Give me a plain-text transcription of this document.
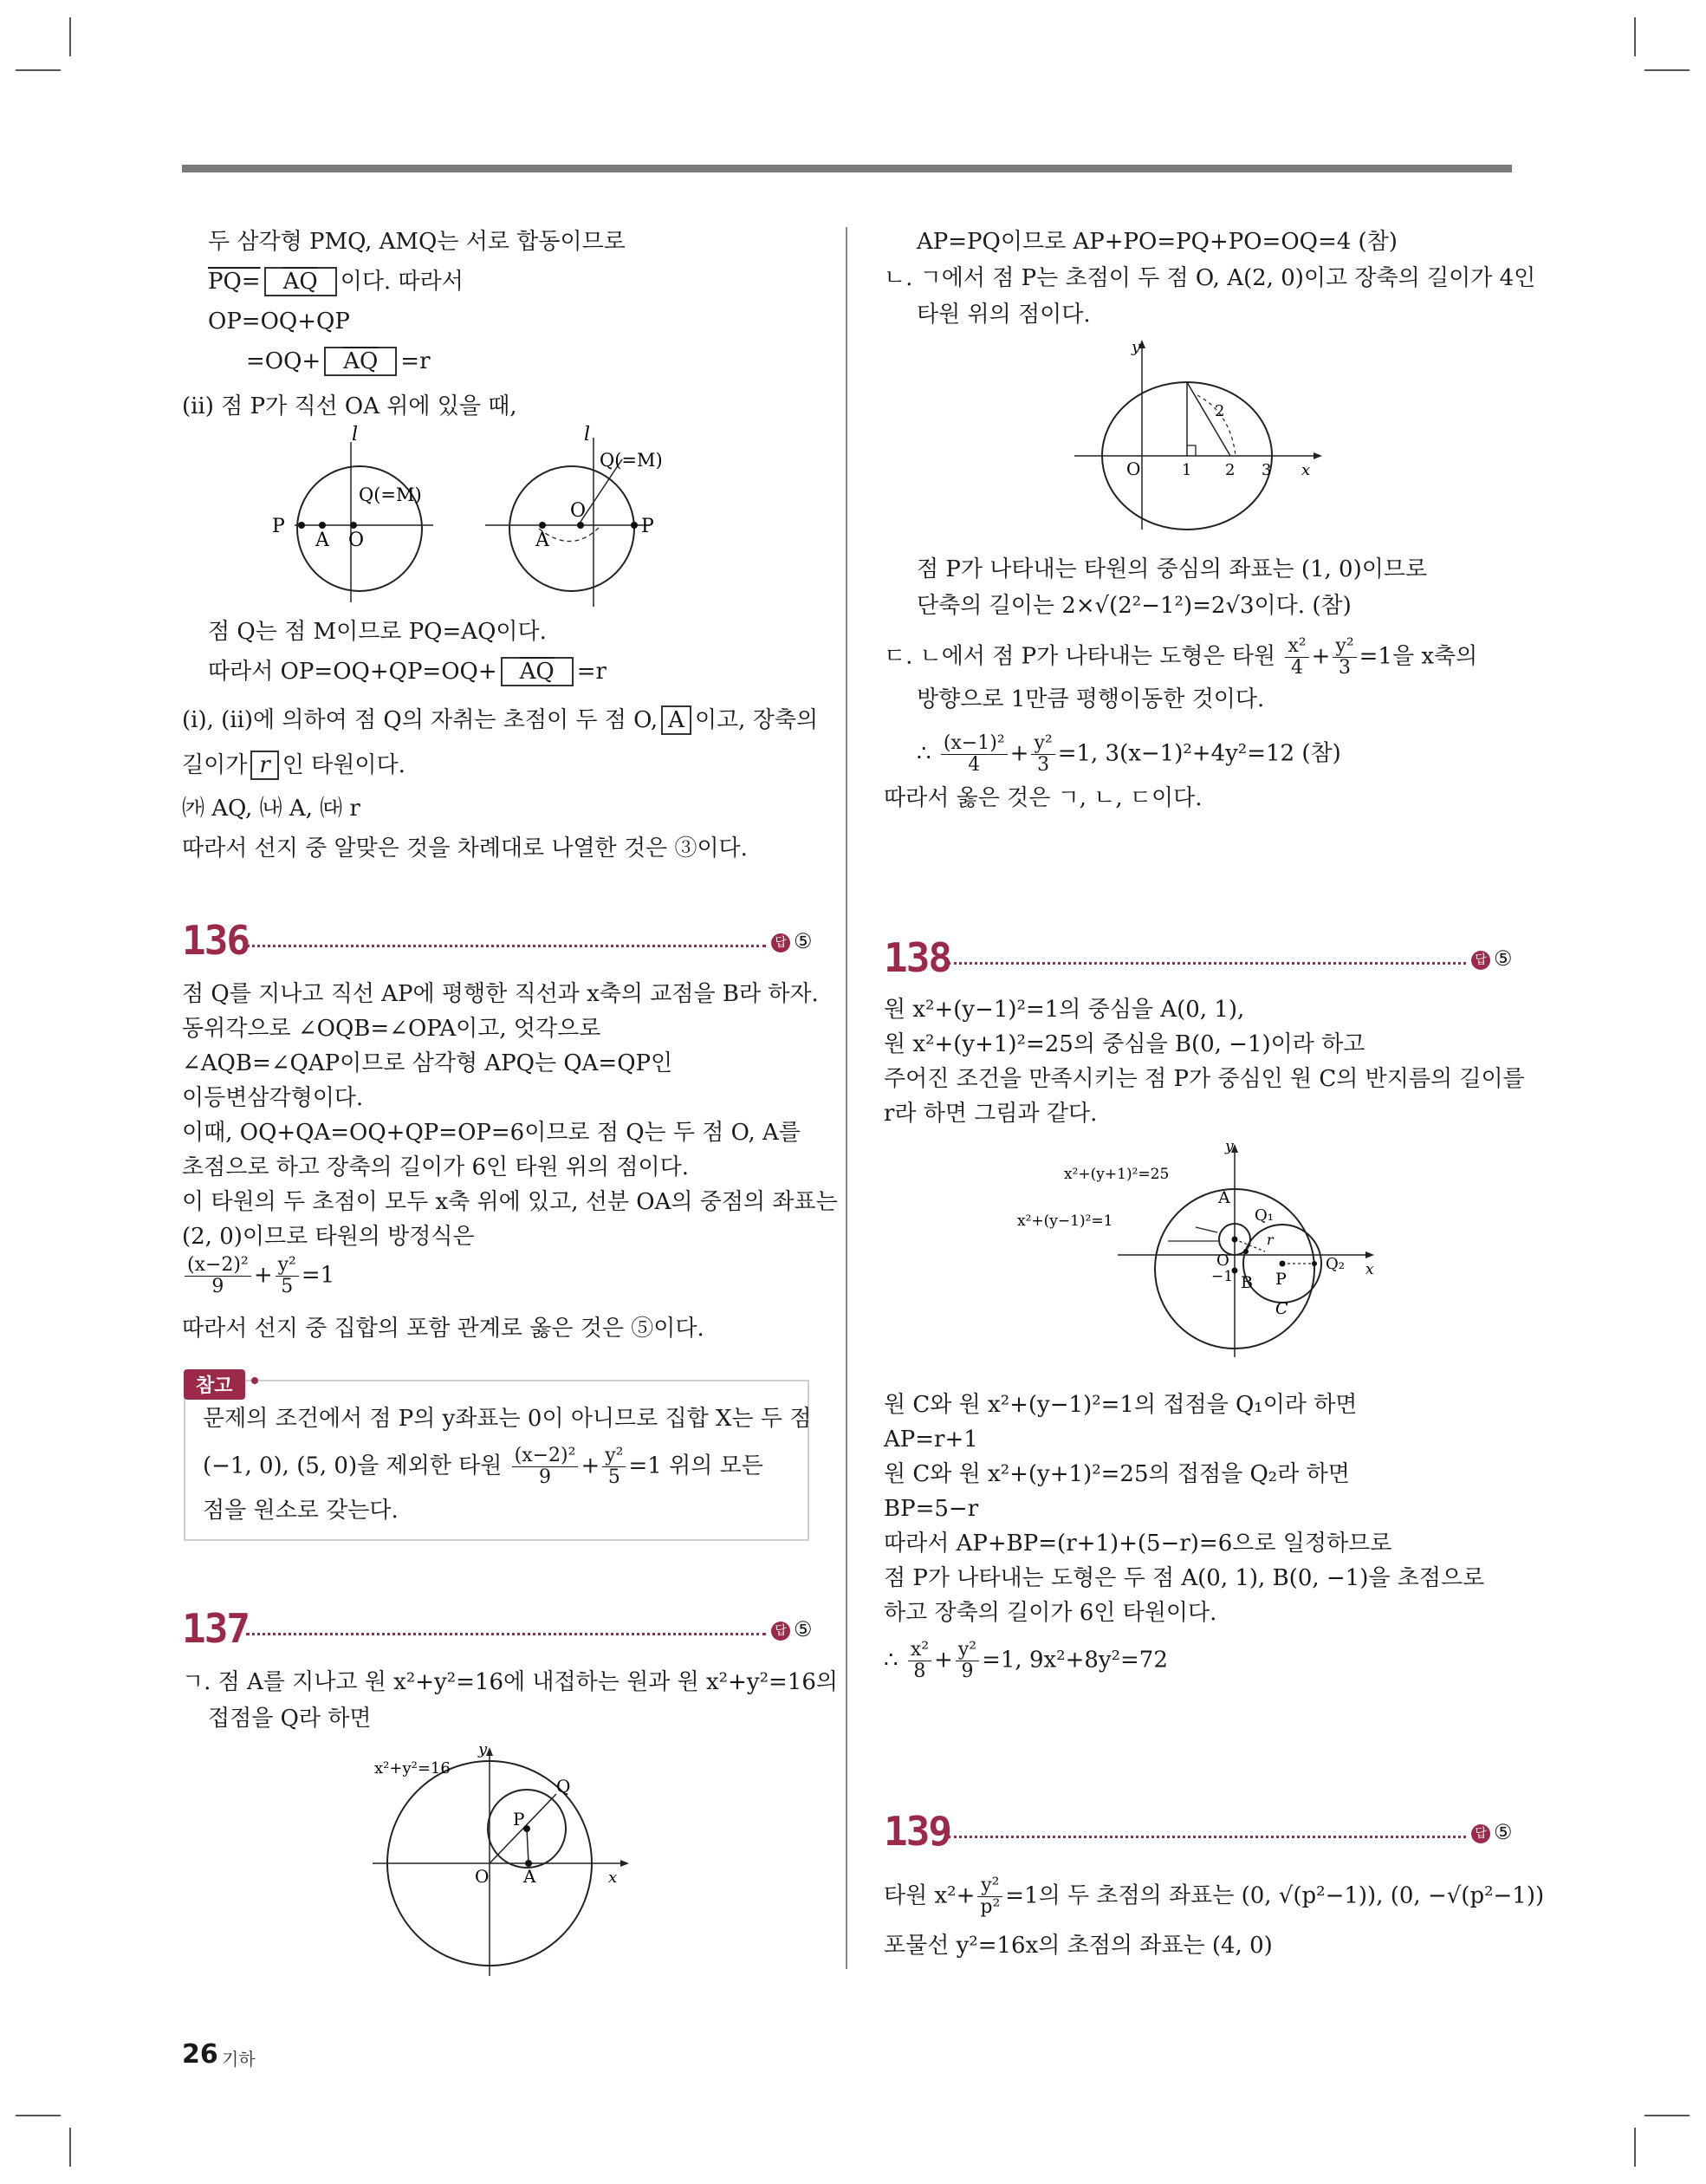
두 삼각형 PMQ, AMQ는 서로 합동이므로
$PQ= \overline{AQ}$ 이다. 따라서
OP=OQ+QP
$=OQ+ \overline{AQ} =r$
(ⅱ) 점 P가 직선 OA 위에 있을 때,
l
Q(=M)
P
A O
l
Q(=M)
P
A
O
점 Q는 점 M이므로 PQ=AQ이다.
따라서 $OP=OQ+QP=OQ+ \overline{AQ} =r$
(ⅰ), (ⅱ)에 의하여 점 Q의 자취는 초점이 두 점 O, A 이고, 장축의
길이가 r 인 타원이다.
㈎ AQ, ㈏ A, ㈐ r
따라서 선지 중 알맞은 것을 차례대로 나열한 것은 ③이다.
136	답 ⑤
점 Q를 지나고 직선 AP에 평행한 직선과 x축의 교점을 B라 하자.
동위각으로 ∠OQB=∠OPA이고, 엇각으로
∠AQB=∠QAP이므로 삼각형 APQ는 QA=QP인
이등변삼각형이다.
이때, OQ+QA=OQ+QP=OP=6이므로 점 Q는 두 점 O, A를
초점으로 하고 장축의 길이가 6인 타원 위의 점이다.
이 타원의 두 초점이 모두 x축 위에 있고, 선분 OA의 중점의 좌표는
(2, 0)이므로 타원의 방정식은
$\frac{\text{(x−2)²}}{9} + \frac{\text{y²}}{5} =1$
따라서 선지 중 집합의 포함 관계로 옳은 것은 ⑤이다.
참고
문제의 조건에서 점 P의 y좌표는 0이 아니므로 집합 X는 두 점
(−1, 0), (5, 0)을 제외한 타원 $\frac{\text{(x−2)²}}{9} + \frac{\text{y²}}{5} =1$ 위의 모든
점을 원소로 갖는다.
137	답 ⑤
ㄱ. 점 A를 지나고 원 x²+y²=16에 내접하는 원과 원 x²+y²=16의
접점을 Q라 하면
x²+y²=16
y
x
O A
P
Q
AP=PQ이므로 AP+PO=PQ+PO=OQ=4 (참)
ㄴ. ㄱ에서 점 P는 초점이 두 점 O, A(2, 0)이고 장축의 길이가 4인
타원 위의 점이다.
y
x
O	1 2 3
2
점 P가 나타내는 타원의 중심의 좌표는 (1, 0)이므로
단축의 길이는 2×√(2²−1²)=2√3이다. (참)
ㄷ. ㄴ에서 점 P가 나타내는 도형은 타원 $\frac{\text{x²}}{4} + \frac{\text{y²}}{3} =1$을 x축의
방향으로 1만큼 평행이동한 것이다.
∴ $\frac{\text{(x−1)²}}{4} + \frac{\text{y²}}{3} =1$, 3(x−1)²+4y²=12 (참)
따라서 옳은 것은 ㄱ, ㄴ, ㄷ이다.
138	답 ⑤
원 x²+(y−1)²=1의 중심을 A(0, 1),
원 x²+(y+1)²=25의 중심을 B(0, −1)이라 하고
주어진 조건을 만족시키는 점 P가 중심인 원 C의 반지름의 길이를
r라 하면 그림과 같다.
x²+(y+1)²=25
x²+(y−1)²=1
y
x
A
B
O
−1	P
C
Q₁
Q₂
r
원 C와 원 x²+(y−1)²=1의 접점을 Q₁이라 하면
AP=r+1
원 C와 원 x²+(y+1)²=25의 접점을 Q₂라 하면
BP=5−r
따라서 AP+BP=(r+1)+(5−r)=6으로 일정하므로
점 P가 나타내는 도형은 두 점 A(0, 1), B(0, −1)을 초점으로
하고 장축의 길이가 6인 타원이다.
∴ $\frac{\text{x²}}{8} + \frac{\text{y²}}{9} =1$, 9x²+8y²=72
139	답 ⑤
타원 $x^2+ \frac{\text{y²}}{\text{p²}} =1$의 두 초점의 좌표는 (0, √(p²−1)), (0, −√(p²−1))
포물선 y²=16x의 초점의 좌표는 (4, 0)
26 기하
